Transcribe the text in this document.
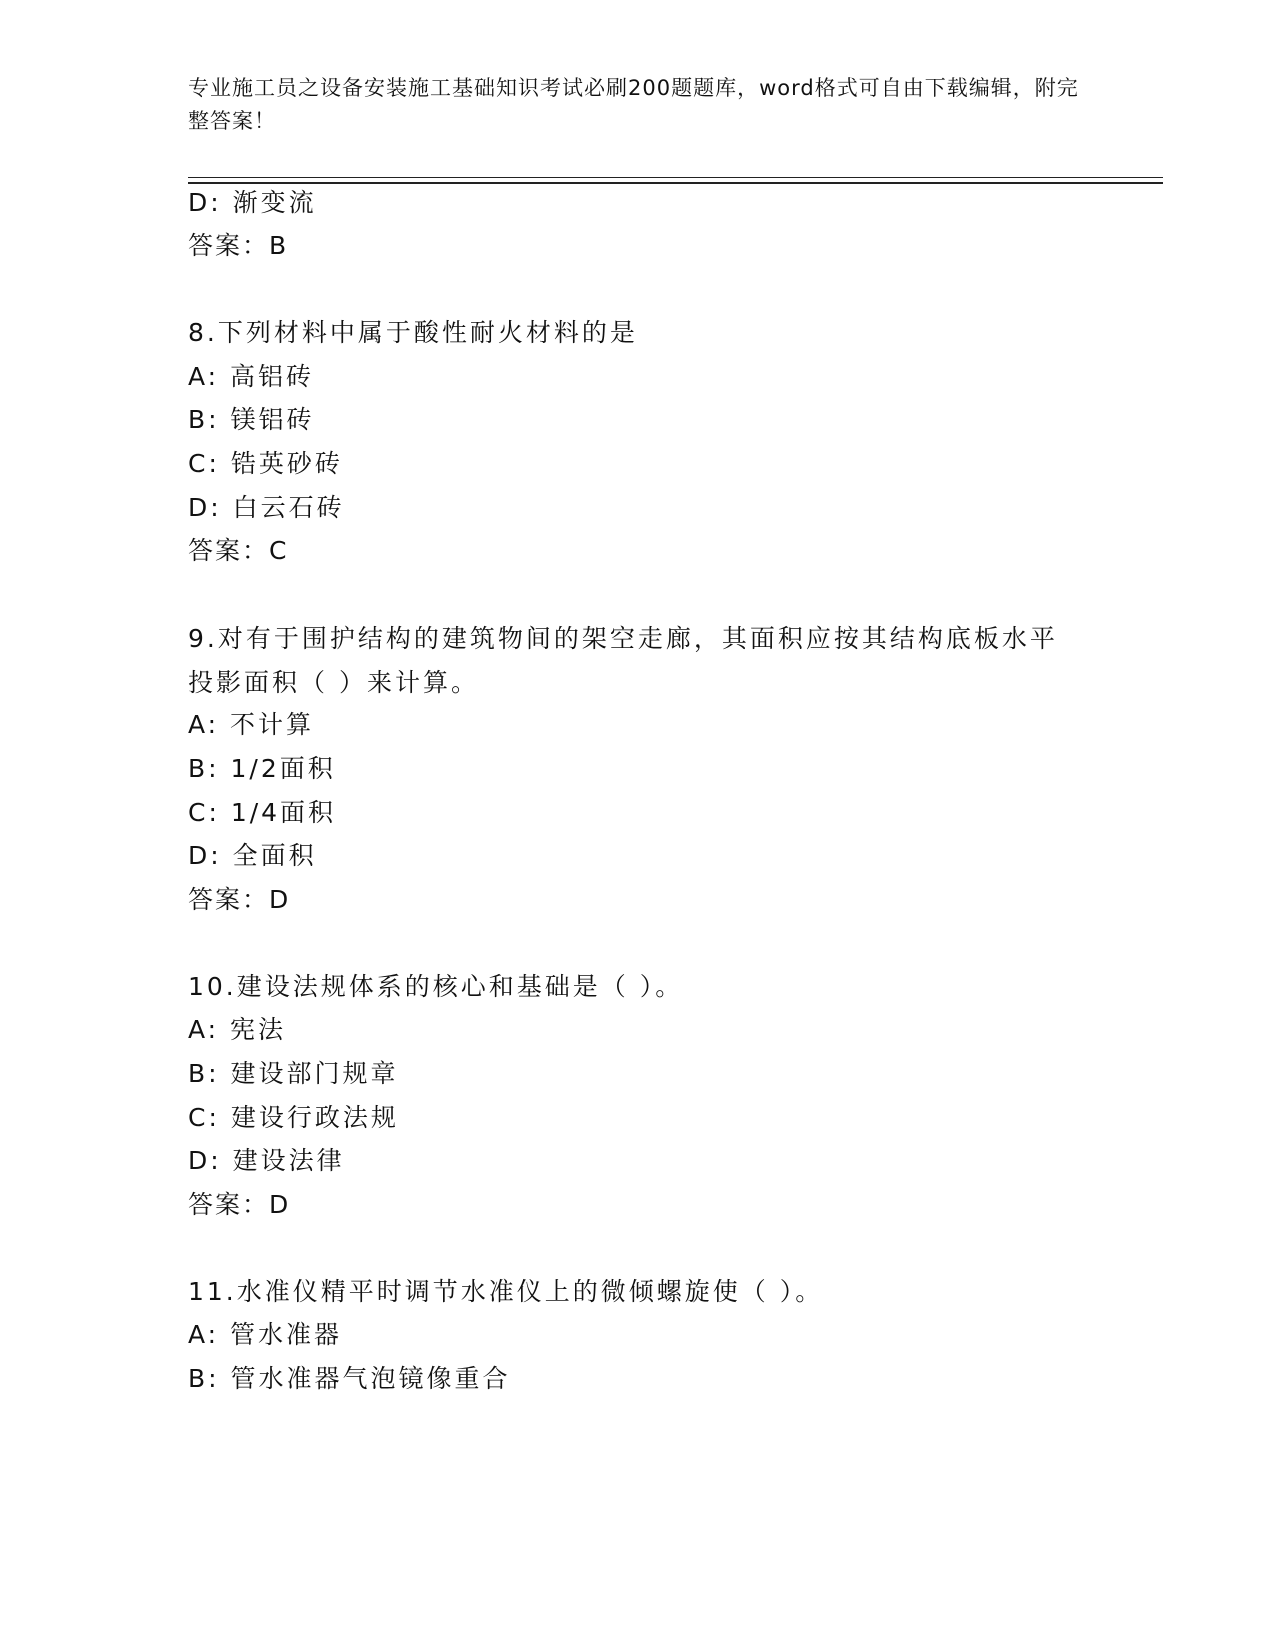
专业施工员之设备安装施工基础知识考试必刷200题题库，word格式可自由下载编辑，附完整答案！
D: 渐变流
答案：B
8.下列材料中属于酸性耐火材料的是
A: 高铝砖
B: 镁铝砖
C: 锆英砂砖
D: 白云石砖
答案：C
9.对有于围护结构的建筑物间的架空走廊，其面积应按其结构底板水平投影面积（ ）来计算。
A: 不计算
B: 1/2面积
C: 1/4面积
D: 全面积
答案：D
10.建设法规体系的核心和基础是（ ）。
A: 宪法
B: 建设部门规章
C: 建设行政法规
D: 建设法律
答案：D
11.水准仪精平时调节水准仪上的微倾螺旋使（ ）。
A: 管水准器
B: 管水准器气泡镜像重合
